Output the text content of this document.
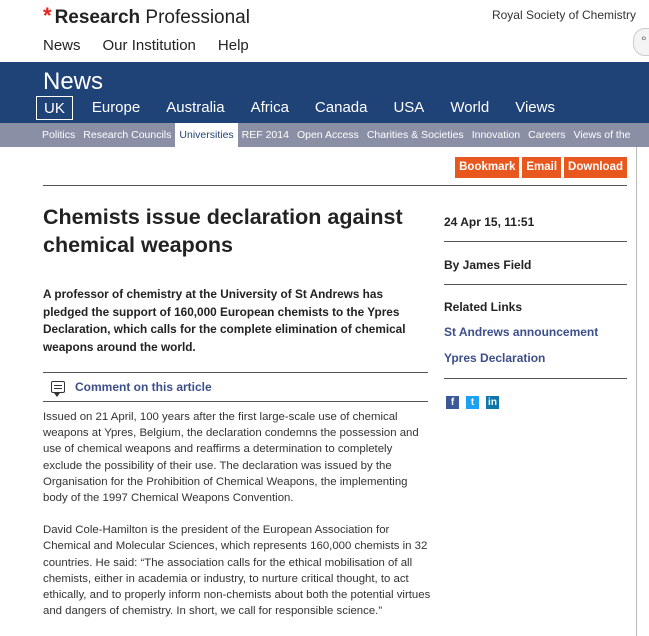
* Research Professional	Royal Society of Chemistry
News Our Institution Help
°
News
UK	Europe	Australia	Africa	Canada	USA	World	Views
Politics Research Councils Universities REF 2014 Open Access Charities & Societies Innovation Careers Views of the
Bookmark Email Download
Chemists issue declaration against chemical weapons

A professor of chemistry at the University of St Andrews has pledged the support of 160,000 European chemists to the Ypres Declaration, which calls for the complete elimination of chemical weapons around the world.

Comment on this article

Issued on 21 April, 100 years after the first large-scale use of chemical weapons at Ypres, Belgium, the declaration condemns the possession and use of chemical weapons and reaffirms a determination to completely exclude the possibility of their use. The declaration was issued by the Organisation for the Prohibition of Chemical Weapons, the implementing body of the 1997 Chemical Weapons Convention.

David Cole-Hamilton is the president of the European Association for Chemical and Molecular Sciences, which represents 160,000 chemists in 32 countries. He said: “The association calls for the ethical mobilisation of all chemists, either in academia or industry, to nurture critical thought, to act ethically, and to properly inform non-chemists about both the potential virtues and dangers of chemistry. In short, we call for responsible science.”

24 Apr 15, 11:51
By James Field
Related Links
St Andrews announcement
Ypres Declaration
f	t	in
